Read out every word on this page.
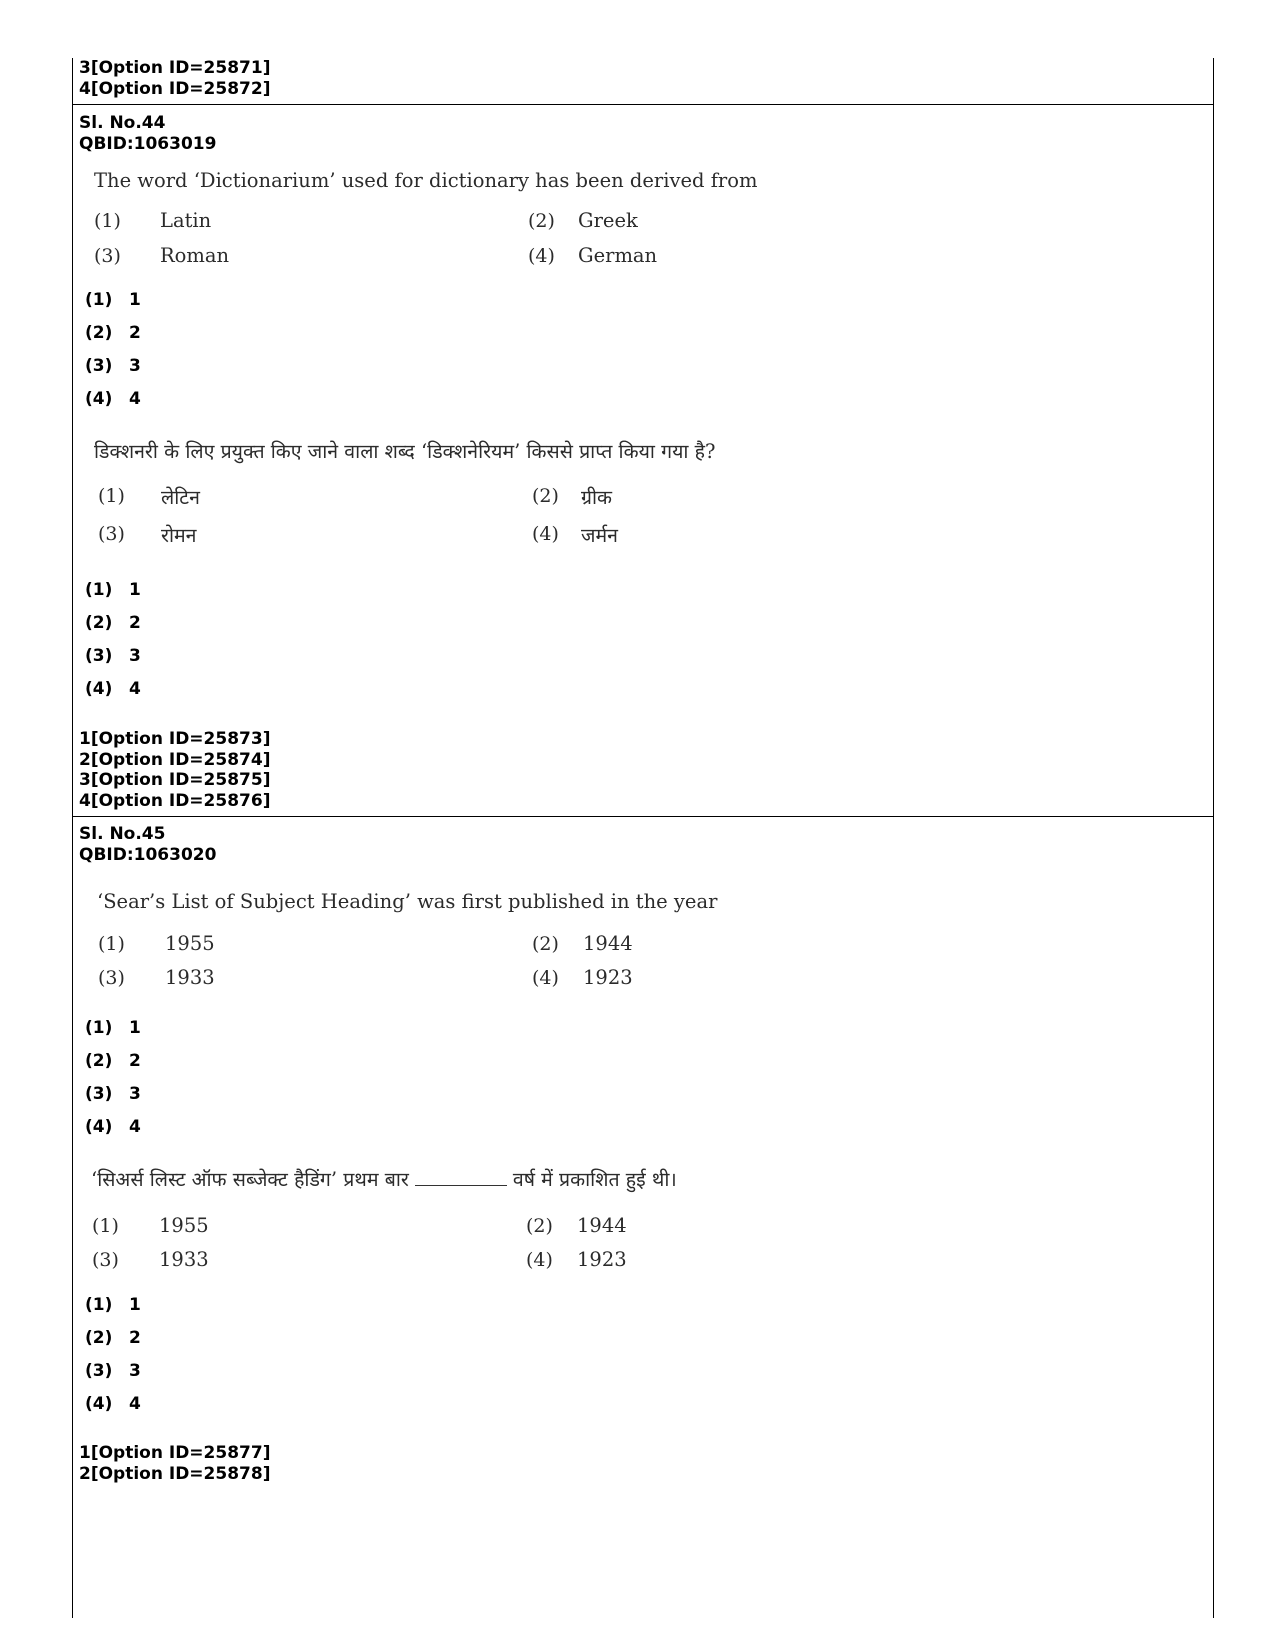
3[Option ID=25871]
4[Option ID=25872]
Sl. No.44
QBID:1063019
The word ‘Dictionarium’ used for dictionary has been derived from
(1) Latin	(2) Greek
(3) Roman	(4) German
(1) 1
(2) 2
(3) 3
(4) 4
डिक्शनरी के लिए प्रयुक्त किए जाने वाला शब्द ‘डिक्शनेरियम’ किससे प्राप्त किया गया है?
(1) लेटिन	(2) ग्रीक
(3) रोमन	(4) जर्मन
(1) 1
(2) 2
(3) 3
(4) 4
1[Option ID=25873]
2[Option ID=25874]
3[Option ID=25875]
4[Option ID=25876]
Sl. No.45
QBID:1063020
‘Sear’s List of Subject Heading’ was first published in the year
(1) 1955	(2) 1944
(3) 1933	(4) 1923
(1) 1
(2) 2
(3) 3
(4) 4
‘सिअर्स लिस्ट ऑफ सब्जेक्ट हैडिंग’ प्रथम बार	वर्ष में प्रकाशित हुई थी।
(1) 1955	(2) 1944
(3) 1933	(4) 1923
(1) 1
(2) 2
(3) 3
(4) 4
1[Option ID=25877]
2[Option ID=25878]
